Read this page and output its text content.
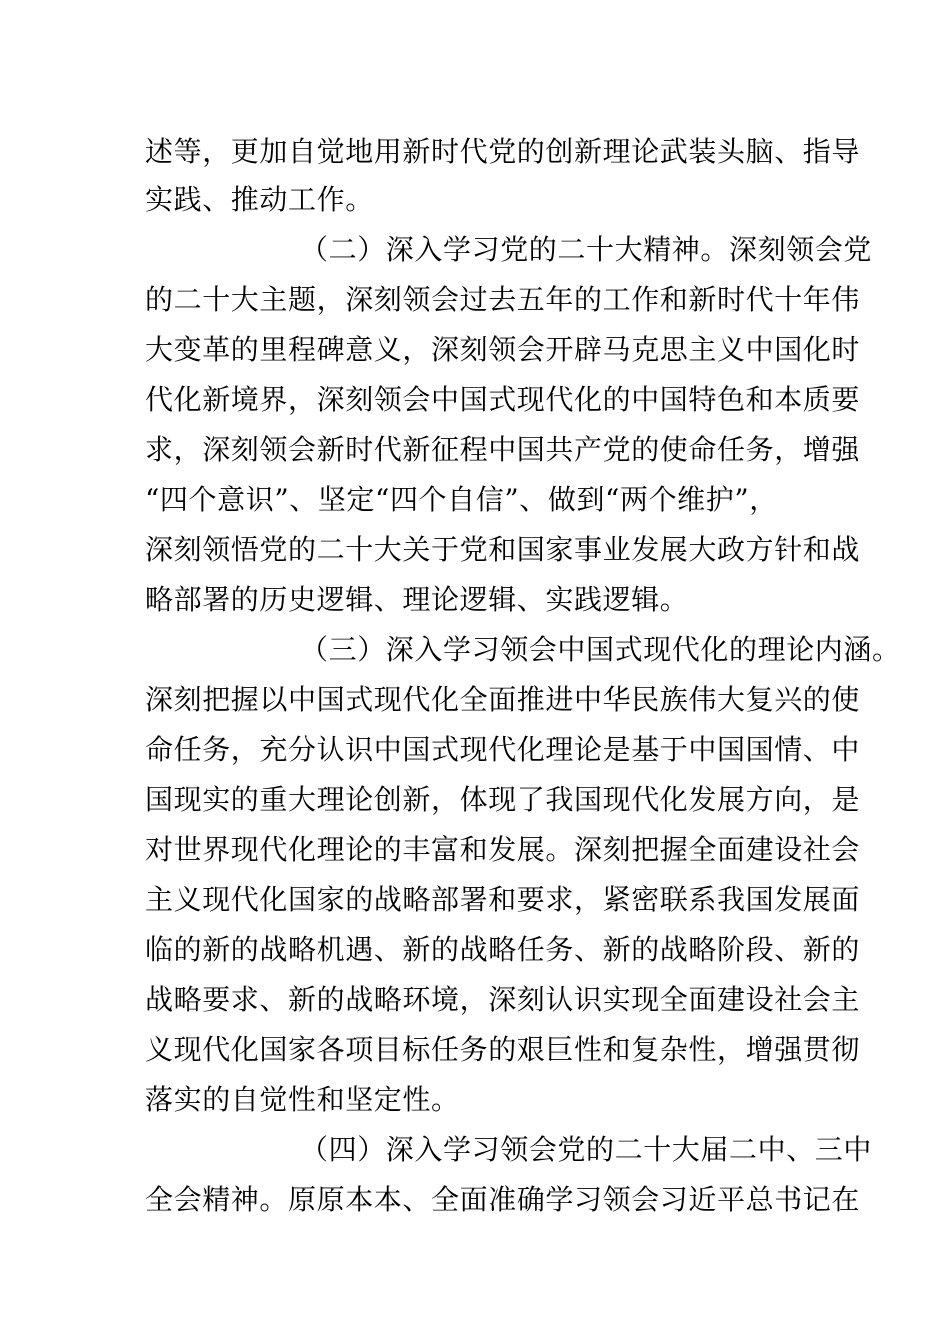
述等，更加自觉地用新时代党的创新理论武装头脑、指导
实践、推动工作。
（二）深入学习党的二十大精神。深刻领会党
的二十大主题，深刻领会过去五年的工作和新时代十年伟
大变革的里程碑意义，深刻领会开辟马克思主义中国化时
代化新境界，深刻领会中国式现代化的中国特色和本质要
求，深刻领会新时代新征程中国共产党的使命任务，增强
“四个意识”、坚定“四个自信”、做到“两个维护”，
深刻领悟党的二十大关于党和国家事业发展大政方针和战
略部署的历史逻辑、理论逻辑、实践逻辑。
（三）深入学习领会中国式现代化的理论内涵。
深刻把握以中国式现代化全面推进中华民族伟大复兴的使
命任务，充分认识中国式现代化理论是基于中国国情、中
国现实的重大理论创新，体现了我国现代化发展方向，是
对世界现代化理论的丰富和发展。深刻把握全面建设社会
主义现代化国家的战略部署和要求，紧密联系我国发展面
临的新的战略机遇、新的战略任务、新的战略阶段、新的
战略要求、新的战略环境，深刻认识实现全面建设社会主
义现代化国家各项目标任务的艰巨性和复杂性，增强贯彻
落实的自觉性和坚定性。
（四）深入学习领会党的二十大届二中、三中
全会精神。原原本本、全面准确学习领会习近平总书记在
